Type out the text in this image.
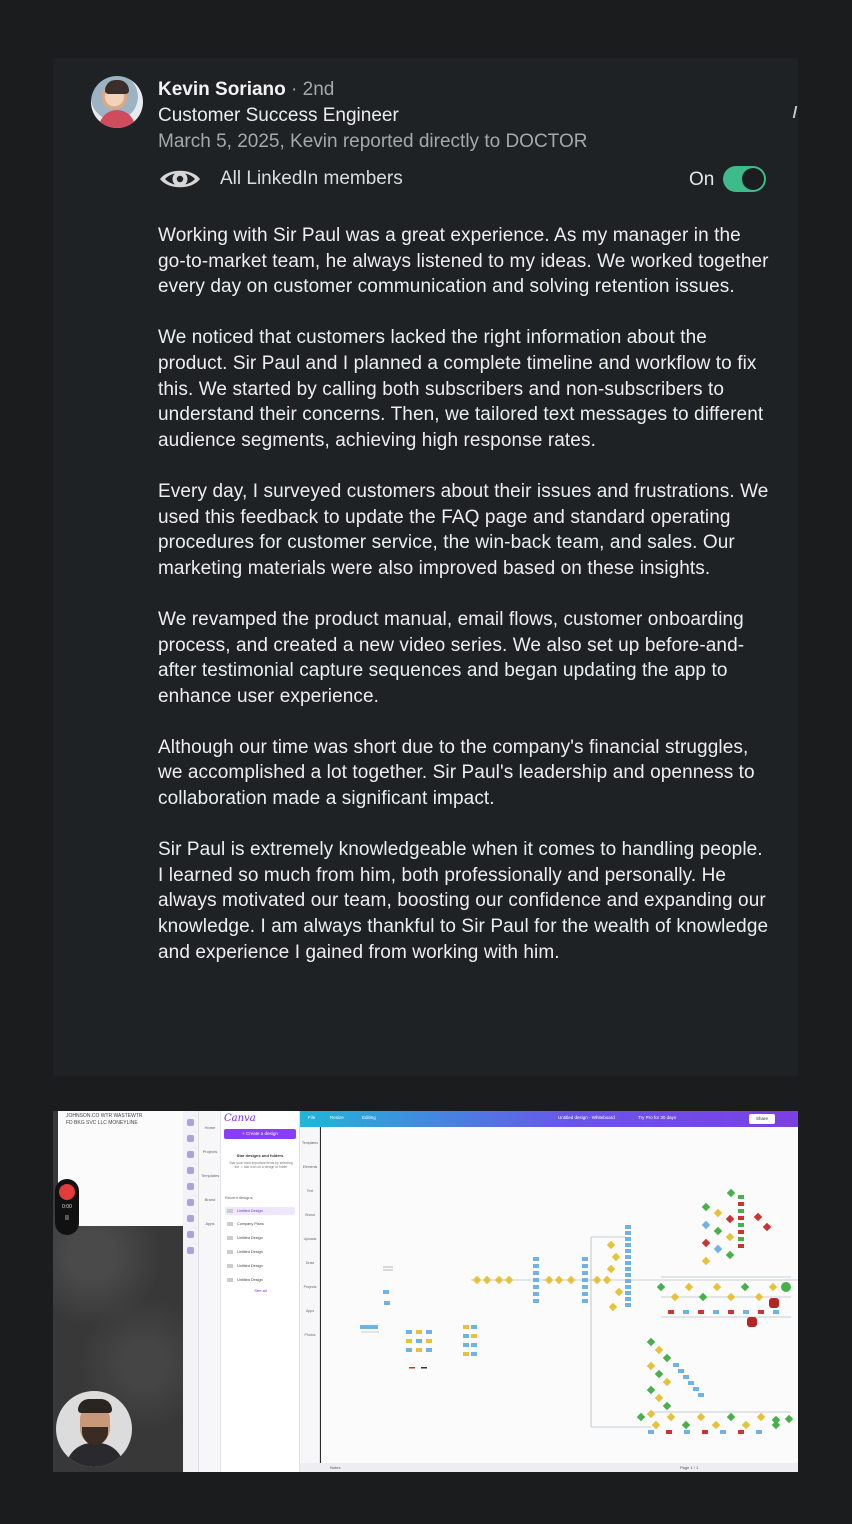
Kevin Soriano · 2nd
Customer Success Engineer
March 5, 2025, Kevin reported directly to DOCTOR
All LinkedIn members	On

Working with Sir Paul was a great experience. As my manager in the go-to-market team, he always listened to my ideas. We worked together every day on customer communication and solving retention issues.

We noticed that customers lacked the right information about the product. Sir Paul and I planned a complete timeline and workflow to fix this. We started by calling both subscribers and non-subscribers to understand their concerns. Then, we tailored text messages to different audience segments, achieving high response rates.

Every day, I surveyed customers about their issues and frustrations. We used this feedback to update the FAQ page and standard operating procedures for customer service, the win-back team, and sales. Our marketing materials were also improved based on these insights.

We revamped the product manual, email flows, customer onboarding process, and created a new video series. We also set up before-and-after testimonial capture sequences and began updating the app to enhance user experience.

Although our time was short due to the company's financial struggles, we accomplished a lot together. Sir Paul's leadership and openness to collaboration made a significant impact.

Sir Paul is extremely knowledgeable when it comes to handling people. I learned so much from him, both professionally and personally. He always motivated our team, boosting our confidence and expanding our knowledge. I am always thankful to Sir Paul for the wealth of knowledge and experience I gained from working with him.

JOHNSON.CO WTR WASTEWTR
FD BKG SVC LLC MONEYLINE
0:00
II
Home
Projects
Templates
Brand
Apps
Canva
+ Create a design
Star designs and folders
Star your most important items by selecting the ☆ star icon on a design or folder
Recent designs
Untitled Design
Company Plans
Untitled Design
Untitled Design
Untitled Design
Untitled Design
See all
File	Resize	Editing	Untitled design - Whiteboard	Try Pro for 30 days	Share
Templates
Elements
Text
Brand
Uploads
Draw
Projects
Apps
Photos
Notes	Page 1 / 1
